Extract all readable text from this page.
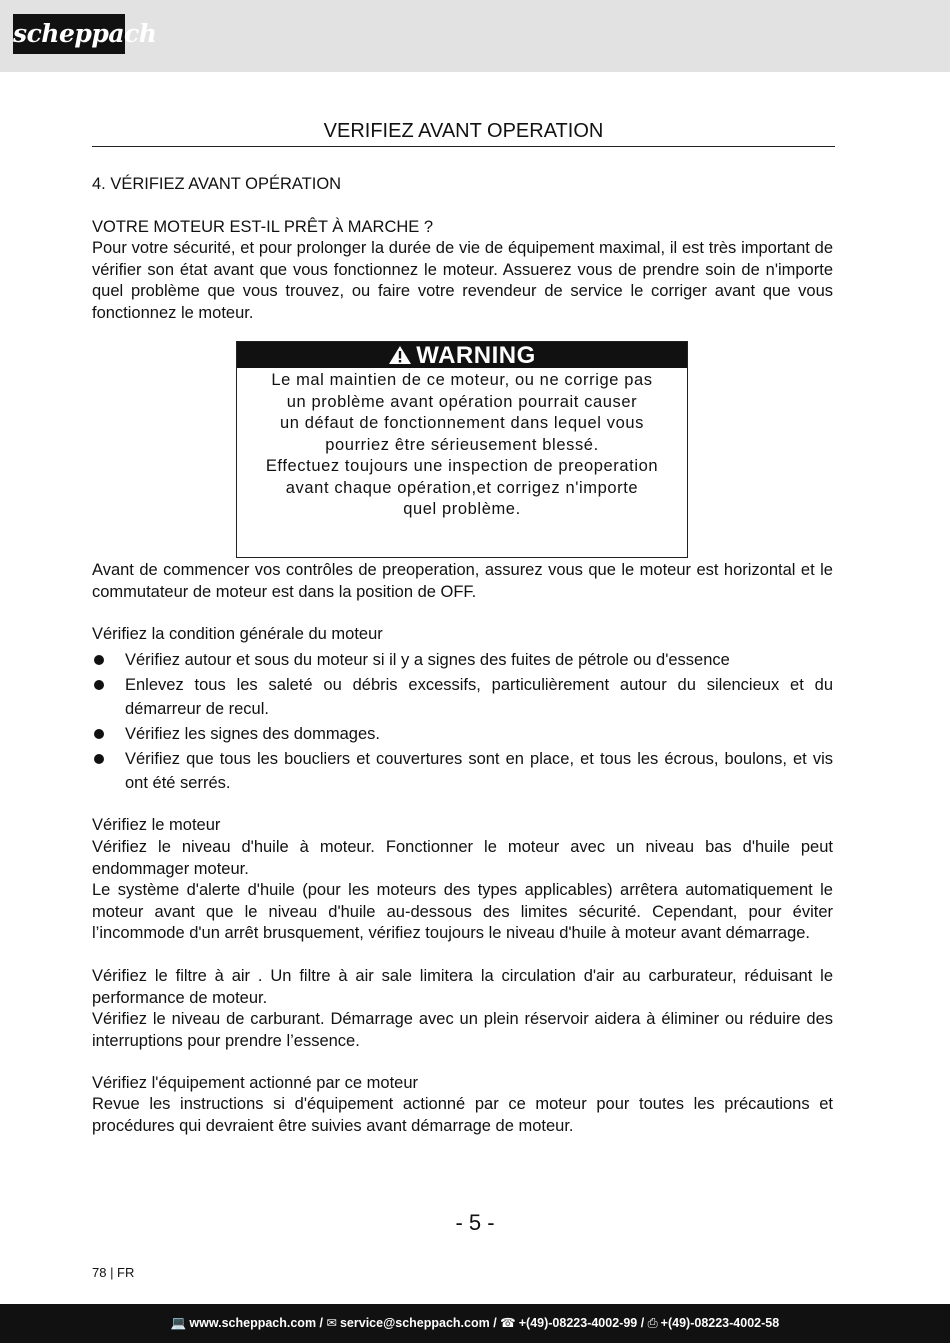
scheppach
VERIFIEZ AVANT OPERATION

4. VÉRIFIEZ AVANT OPÉRATION

VOTRE MOTEUR EST-IL PRÊT À MARCHE ?

Pour votre sécurité, et pour prolonger la durée de vie de équipement maximal, il est très important de vérifier son état avant que vous fonctionnez le moteur. Assuerez vous de prendre soin de n'importe quel problème que vous trouvez, ou faire votre revendeur de service le corriger avant que vous fonctionnez le moteur.

WARNING
Le mal maintien de ce moteur, ou ne corrige pas
un problème avant opération pourrait causer
un défaut de fonctionnement dans lequel vous
pourriez être sérieusement blessé.
Effectuez toujours une inspection de preoperation
avant chaque opération,et corrigez n'importe
quel problème.

Avant de commencer vos contrôles de preoperation, assurez vous que le moteur est horizontal et le commutateur de moteur est dans la position de OFF.

Vérifiez la condition générale du moteur

Vérifiez autour et sous du moteur si il y a signes des fuites de pétrole ou d'essence
Enlevez tous les saleté ou débris excessifs, particulièrement autour du silencieux et du démarreur de recul.
Vérifiez les signes des dommages.
Vérifiez que tous les boucliers et couvertures sont en place, et tous les écrous, boulons, et vis ont été serrés.

Vérifiez le moteur

Vérifiez le niveau d'huile à moteur. Fonctionner le moteur avec un niveau bas d'huile peut endommager moteur.

Le système d'alerte d'huile (pour les moteurs des types applicables) arrêtera automatiquement le moteur avant que le niveau d'huile au-dessous des limites sécurité. Cependant, pour éviter l’incommode d'un arrêt brusquement, vérifiez toujours le niveau d'huile à moteur avant démarrage.

Vérifiez le filtre à air . Un filtre à air sale limitera la circulation d'air au carburateur, réduisant le performance de moteur.

Vérifiez le niveau de carburant. Démarrage avec un plein réservoir aidera à éliminer ou réduire des interruptions pour prendre l’essence.

Vérifiez l'équipement actionné par ce moteur

Revue les instructions si d'équipement actionné par ce moteur pour toutes les précautions et procédures qui devraient être suivies avant démarrage de moteur.

- 5 -
78 | FR
💻 www.scheppach.com / ✉ service@scheppach.com / ☎ +(49)-08223-4002-99 / ⎙ +(49)-08223-4002-58
